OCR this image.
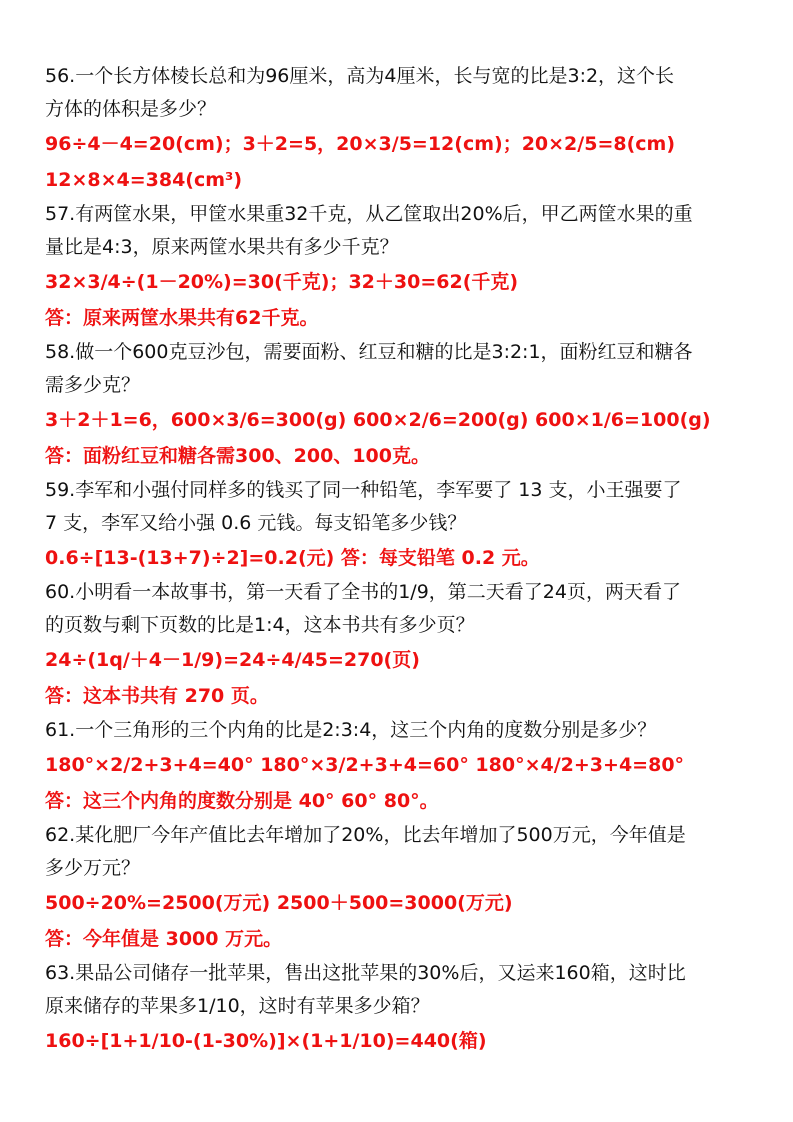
56.一个长方体棱长总和为96厘米，高为4厘米，长与宽的比是3:2，这个长

方体的体积是多少？

96÷4－4=20(cm)；3＋2=5，20×3/5=12(cm)；20×2/5=8(cm)

12×8×4=384(cm³)

57.有两筐水果，甲筐水果重32千克，从乙筐取出20%后，甲乙两筐水果的重

量比是4:3，原来两筐水果共有多少千克？

32×3/4÷(1－20%)=30(千克)；32＋30=62(千克)

答：原来两筐水果共有62千克。

58.做一个600克豆沙包，需要面粉、红豆和糖的比是3:2:1，面粉红豆和糖各

需多少克？

3＋2＋1=6，600×3/6=300(g) 600×2/6=200(g) 600×1/6=100(g)

答：面粉红豆和糖各需300、200、100克。

59.李军和小强付同样多的钱买了同一种铅笔，李军要了 13 支，小王强要了

7 支，李军又给小强 0.6 元钱。每支铅笔多少钱？

0.6÷[13-(13+7)÷2]=0.2(元) 答：每支铅笔 0.2 元。

60.小明看一本故事书，第一天看了全书的1/9，第二天看了24页，两天看了

的页数与剩下页数的比是1:4，这本书共有多少页？

24÷(1q/＋4－1/9)=24÷4/45=270(页)

答：这本书共有 270 页。

61.一个三角形的三个内角的比是2:3:4，这三个内角的度数分别是多少？

180°×2/2+3+4=40° 180°×3/2+3+4=60° 180°×4/2+3+4=80°

答：这三个内角的度数分别是 40° 60° 80°。

62.某化肥厂今年产值比去年增加了20%，比去年增加了500万元，今年值是

多少万元？

500÷20%=2500(万元) 2500＋500=3000(万元)

答：今年值是 3000 万元。

63.果品公司储存一批苹果，售出这批苹果的30%后，又运来160箱，这时比

原来储存的苹果多1/10，这时有苹果多少箱？

160÷[1+1/10-(1-30%)]×(1+1/10)=440(箱)
